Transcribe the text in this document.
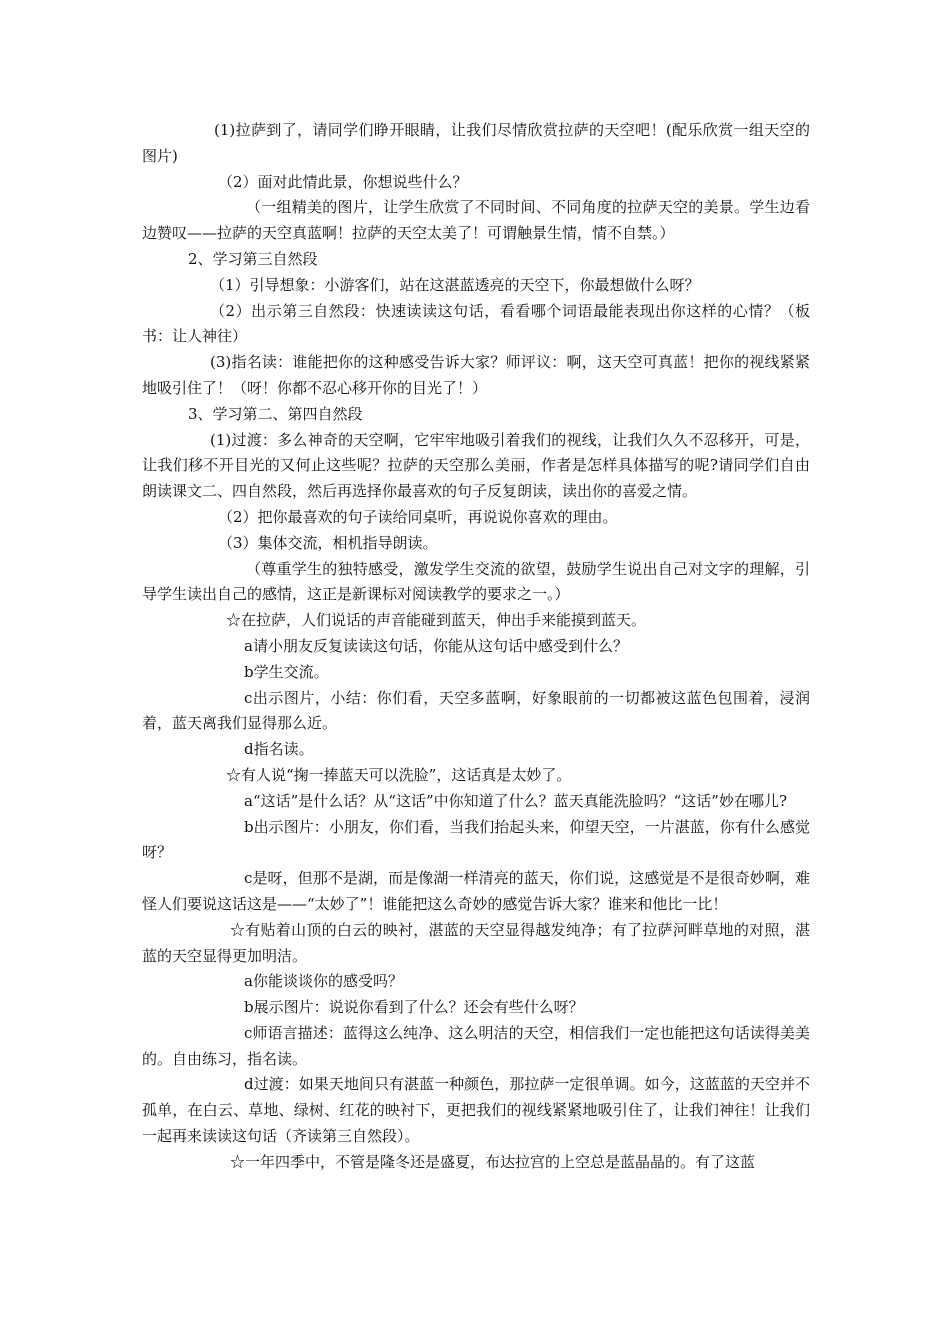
(1)拉萨到了，请同学们睁开眼睛，让我们尽情欣赏拉萨的天空吧！(配乐欣赏一组天空的图片)

（2）面对此情此景，你想说些什么？

（一组精美的图片，让学生欣赏了不同时间、不同角度的拉萨天空的美景。学生边看边赞叹——拉萨的天空真蓝啊！拉萨的天空太美了！可谓触景生情，情不自禁。）

2、学习第三自然段

（1）引导想象：小游客们，站在这湛蓝透亮的天空下，你最想做什么呀？

（2）出示第三自然段：快速读读这句话，看看哪个词语最能表现出你这样的心情？（板书：让人神往）

(3)指名读：谁能把你的这种感受告诉大家？师评议：啊，这天空可真蓝！把你的视线紧紧地吸引住了！（呀！你都不忍心移开你的目光了！）

3、学习第二、第四自然段

(1)过渡：多么神奇的天空啊，它牢牢地吸引着我们的视线，让我们久久不忍移开，可是，让我们移不开目光的又何止这些呢？拉萨的天空那么美丽，作者是怎样具体描写的呢?请同学们自由朗读课文二、四自然段，然后再选择你最喜欢的句子反复朗读，读出你的喜爱之情。

（2）把你最喜欢的句子读给同桌听，再说说你喜欢的理由。

（3）集体交流，相机指导朗读。

（尊重学生的独特感受，激发学生交流的欲望，鼓励学生说出自己对文字的理解，引导学生读出自己的感情，这正是新课标对阅读教学的要求之一。）

☆在拉萨，人们说话的声音能碰到蓝天，伸出手来能摸到蓝天。

a请小朋友反复读读这句话，你能从这句话中感受到什么？

b学生交流。

c出示图片，小结：你们看，天空多蓝啊，好象眼前的一切都被这蓝色包围着，浸润着，蓝天离我们显得那么近。

d指名读。

☆有人说“掬一捧蓝天可以洗脸”，这话真是太妙了。

a“这话”是什么话？从“这话”中你知道了什么？蓝天真能洗脸吗？“这话”妙在哪儿?

b出示图片：小朋友，你们看，当我们抬起头来，仰望天空，一片湛蓝，你有什么感觉呀？

c是呀，但那不是湖，而是像湖一样清亮的蓝天，你们说，这感觉是不是很奇妙啊，难怪人们要说这话这是——“太妙了”！谁能把这么奇妙的感觉告诉大家？谁来和他比一比！

☆有贴着山顶的白云的映衬，湛蓝的天空显得越发纯净；有了拉萨河畔草地的对照，湛蓝的天空显得更加明洁。

a你能谈谈你的感受吗？

b展示图片：说说你看到了什么？还会有些什么呀？

c师语言描述：蓝得这么纯净、这么明洁的天空，相信我们一定也能把这句话读得美美的。自由练习，指名读。

d过渡：如果天地间只有湛蓝一种颜色，那拉萨一定很单调。如今，这蓝蓝的天空并不孤单，在白云、草地、绿树、红花的映衬下，更把我们的视线紧紧地吸引住了，让我们神往！让我们一起再来读读这句话（齐读第三自然段）。

☆一年四季中，不管是隆冬还是盛夏，布达拉宫的上空总是蓝晶晶的。有了这蓝
